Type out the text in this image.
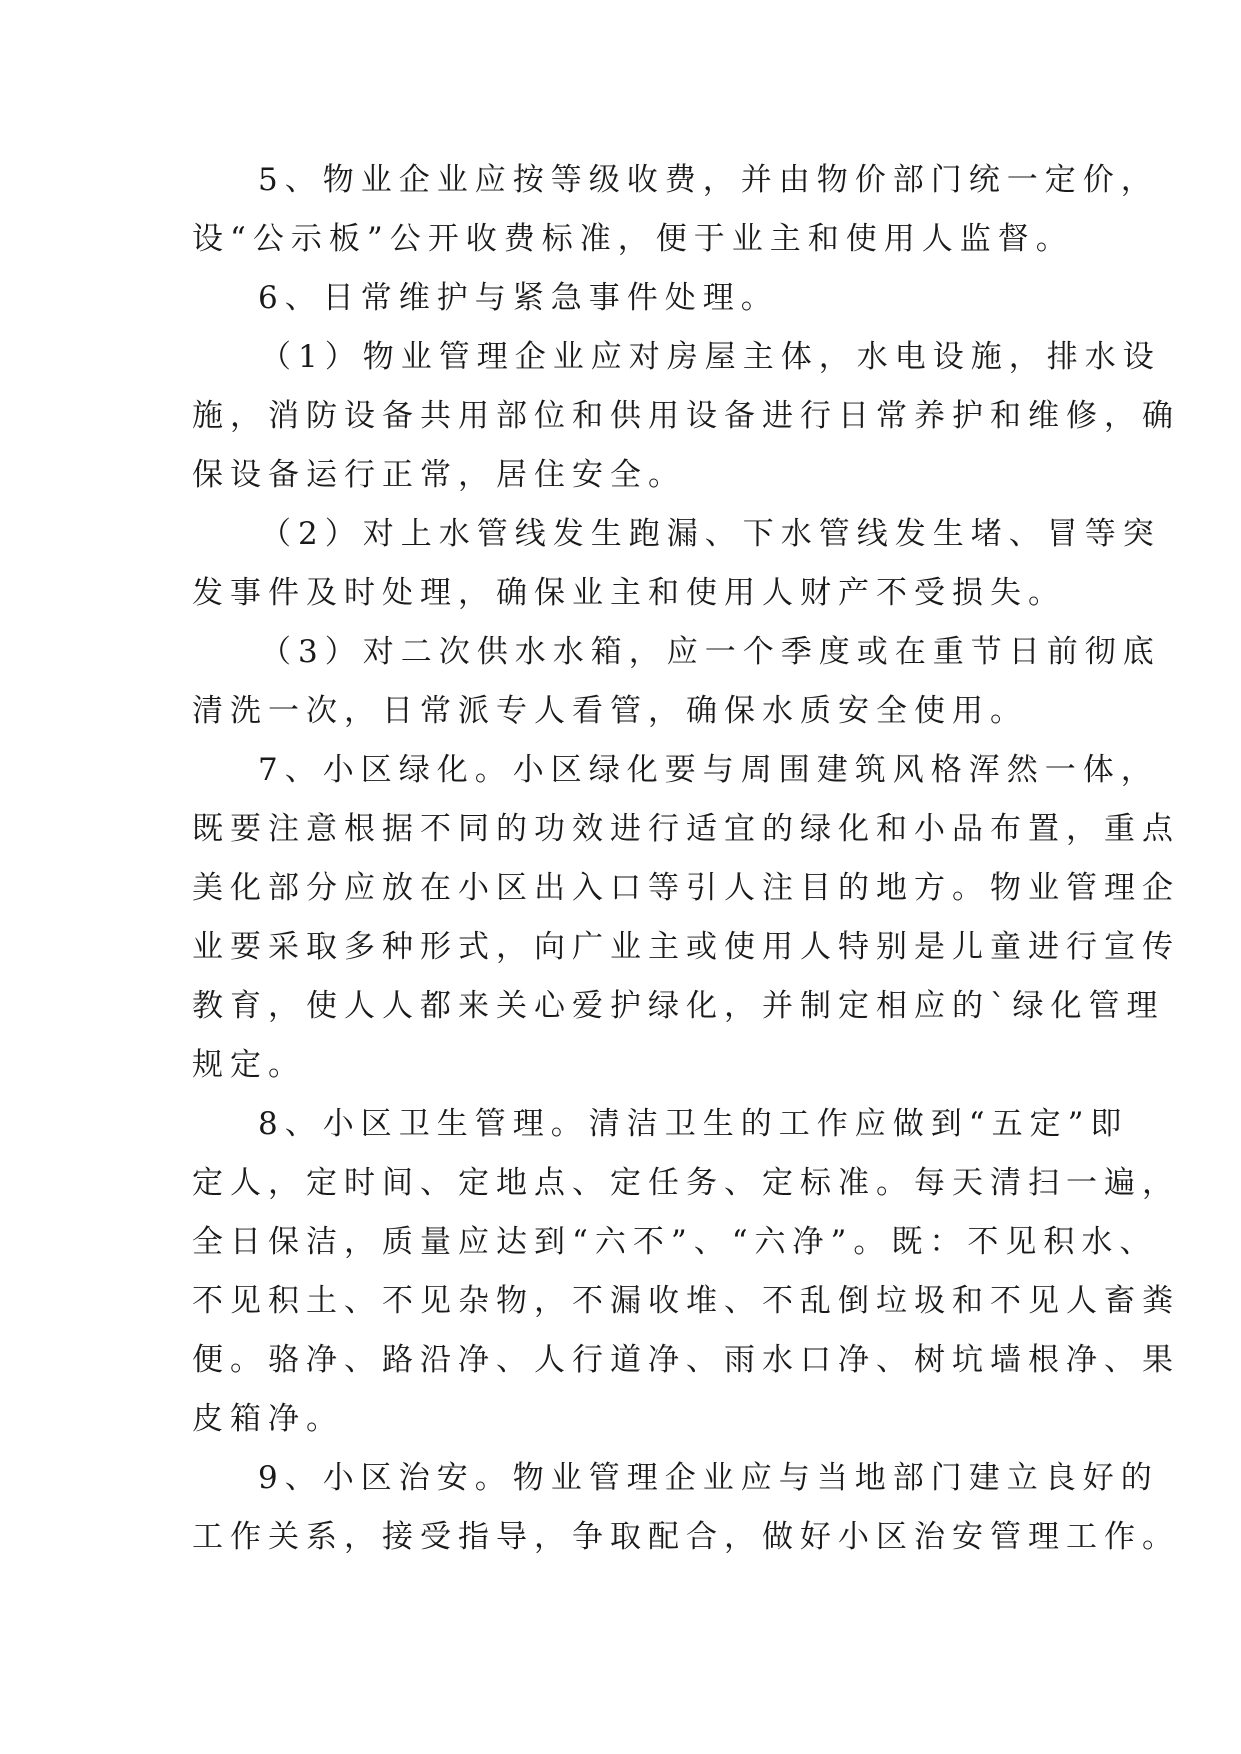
5、物业企业应按等级收费，并由物价部门统一定价，

设“公示板”公开收费标准，便于业主和使用人监督。

6、日常维护与紧急事件处理。

（1）物业管理企业应对房屋主体，水电设施，排水设

施，消防设备共用部位和供用设备进行日常养护和维修，确

保设备运行正常，居住安全。

（2）对上水管线发生跑漏、下水管线发生堵、冒等突

发事件及时处理，确保业主和使用人财产不受损失。

（3）对二次供水水箱，应一个季度或在重节日前彻底

清洗一次，日常派专人看管，确保水质安全使用。

7、小区绿化。小区绿化要与周围建筑风格浑然一体，

既要注意根据不同的功效进行适宜的绿化和小品布置，重点

美化部分应放在小区出入口等引人注目的地方。物业管理企

业要采取多种形式，向广业主或使用人特别是儿童进行宣传

教育，使人人都来关心爱护绿化，并制定相应的`绿化管理

规定。

8、小区卫生管理。清洁卫生的工作应做到“五定”即

定人，定时间、定地点、定任务、定标准。每天清扫一遍，

全日保洁，质量应达到“六不”、“六净”。既：不见积水、

不见积土、不见杂物，不漏收堆、不乱倒垃圾和不见人畜粪

便。骆净、路沿净、人行道净、雨水口净、树坑墙根净、果

皮箱净。

9、小区治安。物业管理企业应与当地部门建立良好的

工作关系，接受指导，争取配合，做好小区治安管理工作。
